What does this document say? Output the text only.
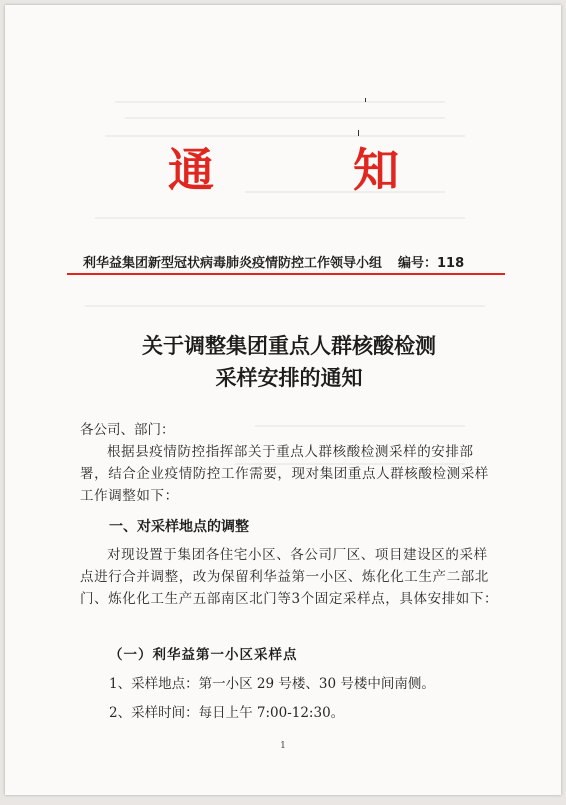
通	知
利华益集团新型冠状病毒肺炎疫情防控工作领导小组 编号：118
关于调整集团重点人群核酸检测
采样安排的通知
各公司、部门：
根据县疫情防控指挥部关于重点人群核酸检测采样的安排部署，结合企业疫情防控工作需要，现对集团重点人群核酸检测采样工作调整如下：
一、对采样地点的调整
对现设置于集团各住宅小区、各公司厂区、项目建设区的采样点进行合并调整，改为保留利华益第一小区、炼化化工生产二部北门、炼化化工生产五部南区北门等3个固定采样点，具体安排如下：
（一）利华益第一小区采样点
1、采样地点：第一小区 29 号楼、30 号楼中间南侧。
2、采样时间：每日上午 7:00-12:30。
1
